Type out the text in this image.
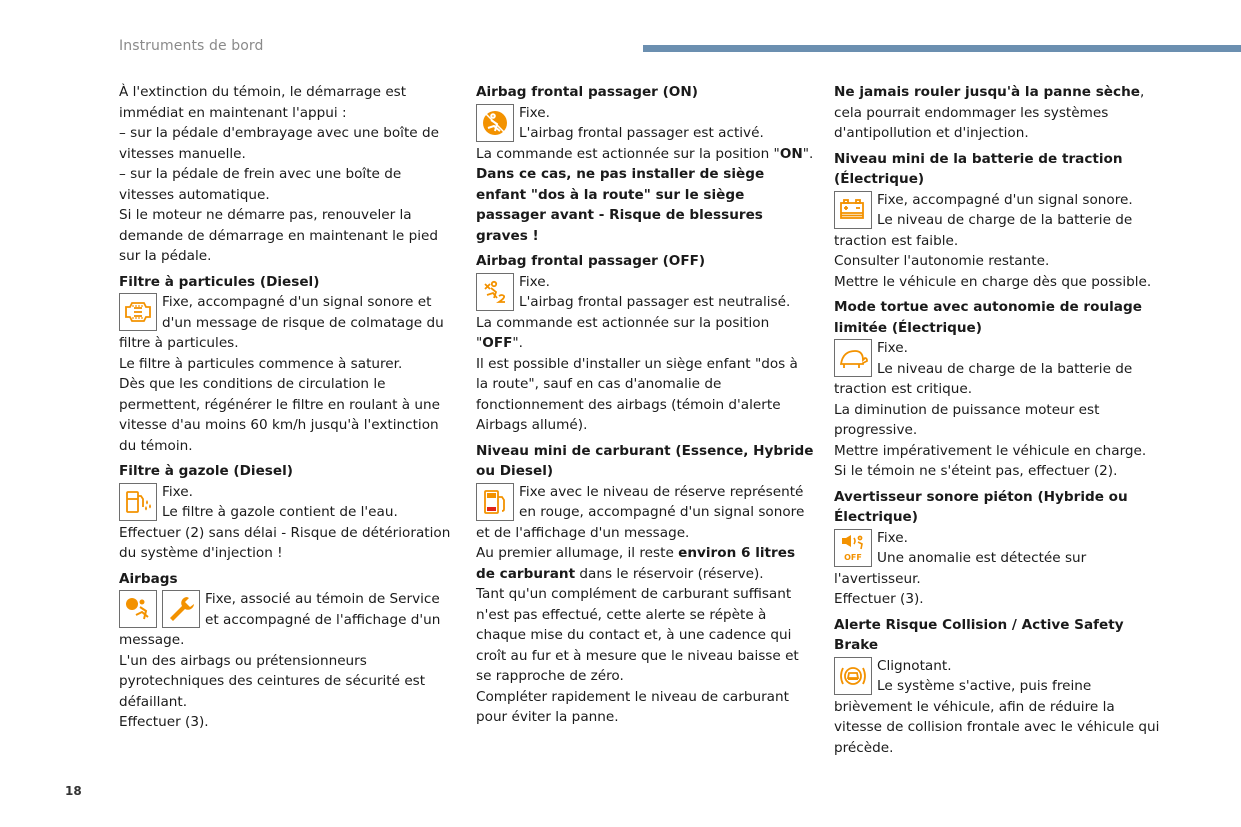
Instruments de bord

À l'extinction du témoin, le démarrage est immédiat en maintenant l'appui :

– sur la pédale d'embrayage avec une boîte de vitesses manuelle.

– sur la pédale de frein avec une boîte de vitesses automatique.

Si le moteur ne démarre pas, renouveler la demande de démarrage en maintenant le pied sur la pédale.

Filtre à particules (Diesel)

Fixe, accompagné d'un signal sonore et d'un message de risque de colmatage du filtre à particules.

Le filtre à particules commence à saturer.

Dès que les conditions de circulation le permettent, régénérer le filtre en roulant à une vitesse d'au moins 60 km/h jusqu'à l'extinction du témoin.

Filtre à gazole (Diesel)

Fixe.

Le filtre à gazole contient de l'eau.

Effectuer (2) sans délai - Risque de détérioration du système d'injection !

Airbags

Fixe, associé au témoin de Service et accompagné de l'affichage d'un message.

L'un des airbags ou prétensionneurs pyrotechniques des ceintures de sécurité est défaillant.

Effectuer (3).

Airbag frontal passager (ON)

Fixe.

L'airbag frontal passager est activé.

La commande est actionnée sur la position "ON".

Dans ce cas, ne pas installer de siège enfant "dos à la route" sur le siège passager avant - Risque de blessures graves !

Airbag frontal passager (OFF)

Fixe.

L'airbag frontal passager est neutralisé.

La commande est actionnée sur la position "OFF".

Il est possible d'installer un siège enfant "dos à la route", sauf en cas d'anomalie de fonctionnement des airbags (témoin d'alerte Airbags allumé).

Niveau mini de carburant (Essence, Hybride ou Diesel)

Fixe avec le niveau de réserve représenté en rouge, accompagné d'un signal sonore et de l'affichage d'un message.

Au premier allumage, il reste environ 6 litres de carburant dans le réservoir (réserve).

Tant qu'un complément de carburant suffisant n'est pas effectué, cette alerte se répète à chaque mise du contact et, à une cadence qui croît au fur et à mesure que le niveau baisse et se rapproche de zéro.

Compléter rapidement le niveau de carburant pour éviter la panne.

Ne jamais rouler jusqu'à la panne sèche, cela pourrait endommager les systèmes d'antipollution et d'injection.

Niveau mini de la batterie de traction (Électrique)

Fixe, accompagné d'un signal sonore.

Le niveau de charge de la batterie de traction est faible.

Consulter l'autonomie restante.

Mettre le véhicule en charge dès que possible.

Mode tortue avec autonomie de roulage limitée (Électrique)

Fixe.

Le niveau de charge de la batterie de traction est critique.

La diminution de puissance moteur est progressive.

Mettre impérativement le véhicule en charge.

Si le témoin ne s'éteint pas, effectuer (2).

Avertisseur sonore piéton (Hybride ou Électrique)

OFF

Fixe.

Une anomalie est détectée sur l'avertisseur.

Effectuer (3).

Alerte Risque Collision / Active Safety Brake

Clignotant.

Le système s'active, puis freine brièvement le véhicule, afin de réduire la vitesse de collision frontale avec le véhicule qui précède.

18
